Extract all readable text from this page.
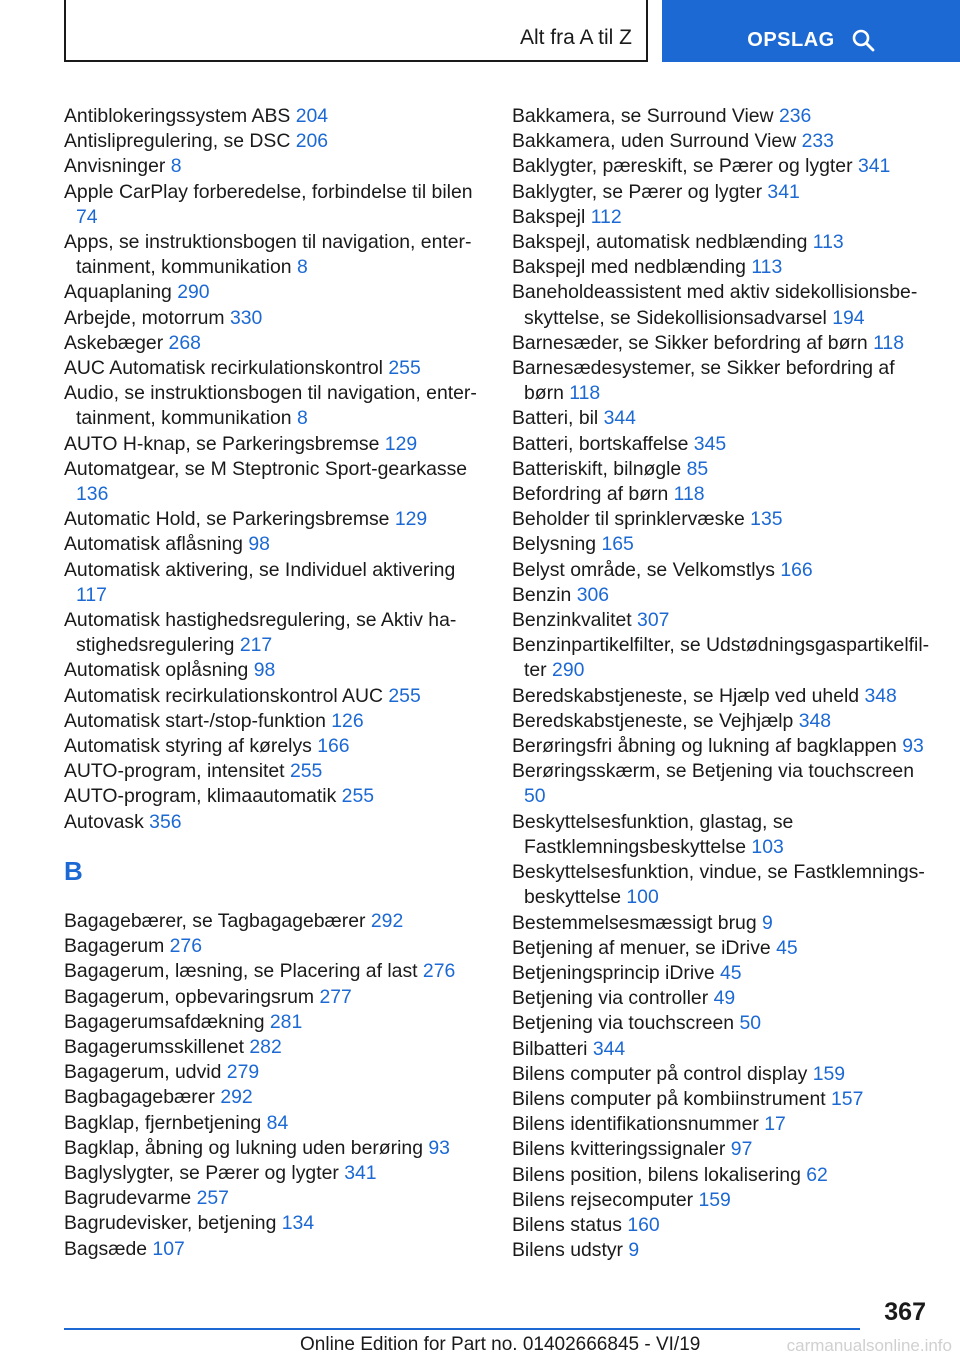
Alt fra A til Z	OPSLAG
Antiblokeringssystem ABS 204
Antislipregulering, se DSC 206
Anvisninger 8
Apple CarPlay forberedelse, forbindelse til bilen 74
Apps, se instruktionsbogen til navigation, entertainment, kommunikation 8
Aquaplaning 290
Arbejde, motorrum 330
Askebæger 268
AUC Automatisk recirkulationskontrol 255
Audio, se instruktionsbogen til navigation, entertainment, kommunikation 8
AUTO H-knap, se Parkeringsbremse 129
Automatgear, se M Steptronic Sport-gearkasse 136
Automatic Hold, se Parkeringsbremse 129
Automatisk aflåsning 98
Automatisk aktivering, se Individuel aktivering 117
Automatisk hastighedsregulering, se Aktiv hastighedsregulering 217
Automatisk oplåsning 98
Automatisk recirkulationskontrol AUC 255
Automatisk start-/stop-funktion 126
Automatisk styring af kørelys 166
AUTO-program, intensitet 255
AUTO-program, klimaautomatik 255
Autovask 356
B
Bagagebærer, se Tagbagagebærer 292
Bagagerum 276
Bagagerum, læsning, se Placering af last 276
Bagagerum, opbevaringsrum 277
Bagagerumsafdækning 281
Bagagerumsskillenet 282
Bagagerum, udvid 279
Bagbagagebærer 292
Bagklap, fjernbetjening 84
Bagklap, åbning og lukning uden berøring 93
Baglyslygter, se Pærer og lygter 341
Bagrudevarme 257
Bagrudevisker, betjening 134
Bagsæde 107
Bakkamera, se Surround View 236
Bakkamera, uden Surround View 233
Baklygter, pæreskift, se Pærer og lygter 341
Baklygter, se Pærer og lygter 341
Bakspejl 112
Bakspejl, automatisk nedblænding 113
Bakspejl med nedblænding 113
Baneholdeassistent med aktiv sidekollisionsbeskyttelse, se Sidekollisionsadvarsel 194
Barnesæder, se Sikker befordring af børn 118
Barnesædesystemer, se Sikker befordring af børn 118
Batteri, bil 344
Batteri, bortskaffelse 345
Batteriskift, bilnøgle 85
Befordring af børn 118
Beholder til sprinklervæske 135
Belysning 165
Belyst område, se Velkomstlys 166
Benzin 306
Benzinkvalitet 307
Benzinpartikelfilter, se Udstødningsgaspartikelfilter 290
Beredskabstjeneste, se Hjælp ved uheld 348
Beredskabstjeneste, se Vejhjælp 348
Berøringsfri åbning og lukning af bagklappen 93
Berøringsskærm, se Betjening via touchscreen 50
Beskyttelsesfunktion, glastag, se Fastklemningsbeskyttelse 103
Beskyttelsesfunktion, vindue, se Fastklemningsbeskyttelse 100
Bestemmelsesmæssigt brug 9
Betjening af menuer, se iDrive 45
Betjeningsprincip iDrive 45
Betjening via controller 49
Betjening via touchscreen 50
Bilbatteri 344
Bilens computer på control display 159
Bilens computer på kombiinstrument 157
Bilens identifikationsnummer 17
Bilens kvitteringssignaler 97
Bilens position, bilens lokalisering 62
Bilens rejsecomputer 159
Bilens status 160
Bilens udstyr 9
367
Online Edition for Part no. 01402666845 - VI/19	carmanualsonline.info
